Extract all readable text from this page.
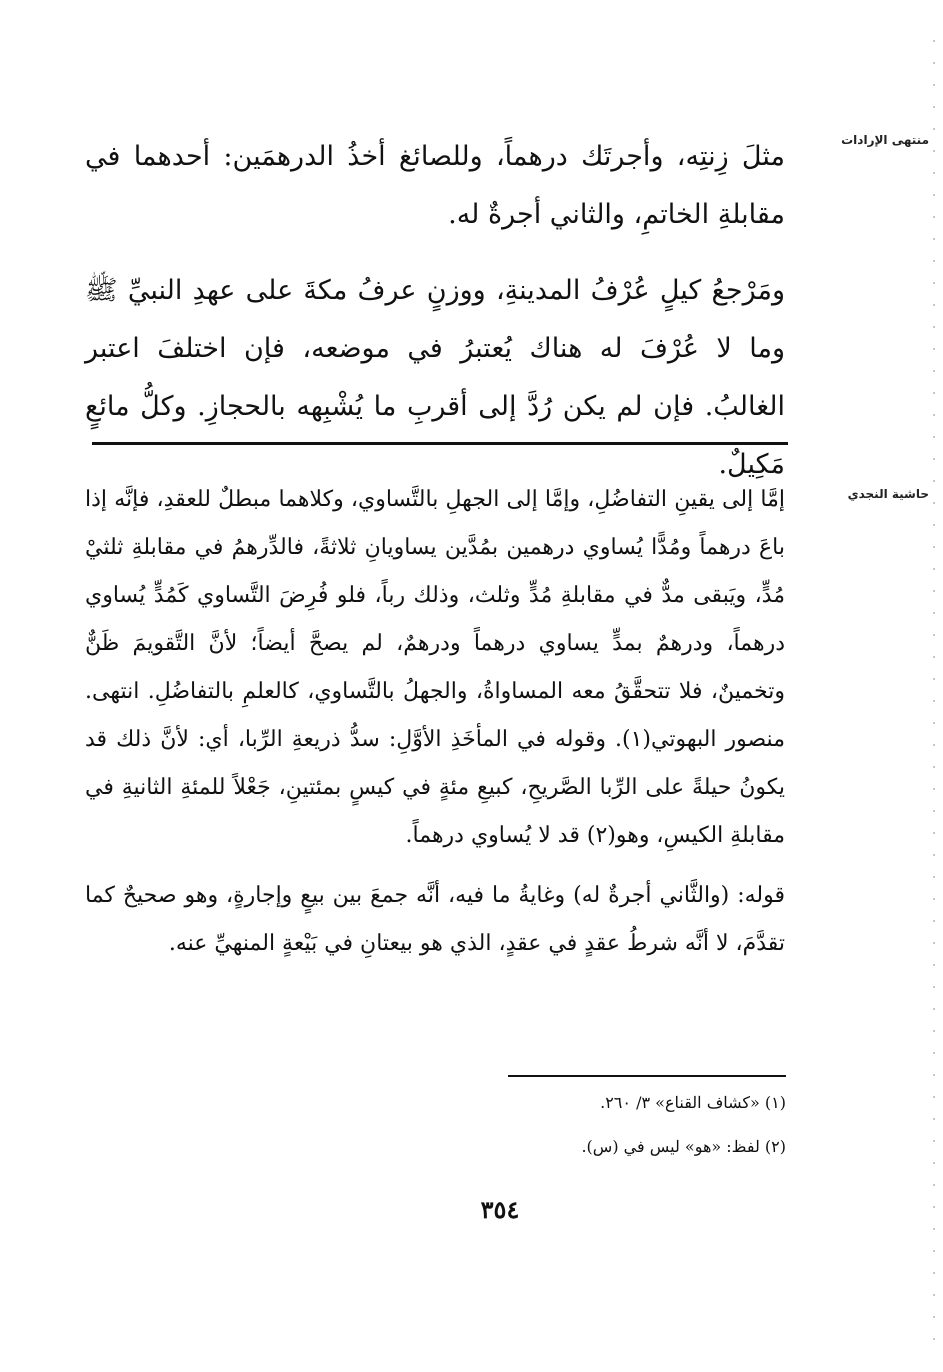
منتهى الإرادات
حاشية النجدي

مثلَ زِنتِه، وأجرتَك درهماً، وللصائغ أخذُ الدرهمَين: أحدهما في مقابلةِ الخاتمِ، والثاني أجرةٌ له.

ومَرْجعُ كيلٍ عُرْفُ المدينةِ، ووزنٍ عرفُ مكةَ على عهدِ النبيِّ ﷺ وما لا عُرْفَ له هناك يُعتبرُ في موضعه، فإن اختلفَ اعتبر الغالبُ. فإن لم يكن رُدَّ إلى أقربِ ما يُشْبِهه بالحجازِ. وكلُّ مائعٍ مَكِيلٌ.

إمَّا إلى يقينِ التفاضُلِ، وإمَّا إلى الجهلِ بالتَّساوي، وكلاهما مبطلٌ للعقدِ، فإنَّه إذا باعَ درهماً ومُدًّا يُساوي درهمين بمُدَّين يساويانِ ثلاثةً، فالدِّرهمُ في مقابلةِ ثلثيْ مُدٍّ، ويَبقى مدٌّ في مقابلةِ مُدٍّ وثلث، وذلك رباً، فلو فُرِضَ التَّساوي كَمُدٍّ يُساوي درهماً، ودرهمٌ بمدٍّ يساوي درهماً ودرهمٌ، لم يصحَّ أيضاً؛ لأنَّ التَّقويمَ ظَنٌّ وتخمينٌ، فلا تتحقَّقُ معه المساواةُ، والجهلُ بالتَّساوي، كالعلمِ بالتفاضُلِ. انتهى. منصور البهوتي(١). وقوله في المأخَذِ الأوَّلِ: سدُّ ذريعةِ الرِّبا، أي: لأنَّ ذلك قد يكونُ حيلةً على الرِّبا الصَّريحِ، كبيعِ مئةٍ في كيسٍ بمئتينِ، جَعْلاً للمئةِ الثانيةِ في مقابلةِ الكيسِ، وهو(٢) قد لا يُساوي درهماً.

قوله: (والثَّاني أجرةٌ له) وغايةُ ما فيه، أنَّه جمعَ بين بيعٍ وإجارةٍ، وهو صحيحٌ كما تقدَّمَ، لا أنَّه شرطُ عقدٍ في عقدٍ، الذي هو بيعتانِ في بَيْعةٍ المنهيِّ عنه.

(١) «كشاف القناع» ٣/ ٢٦٠.

(٢) لفظ: «هو» ليس في (س).

٣٥٤
